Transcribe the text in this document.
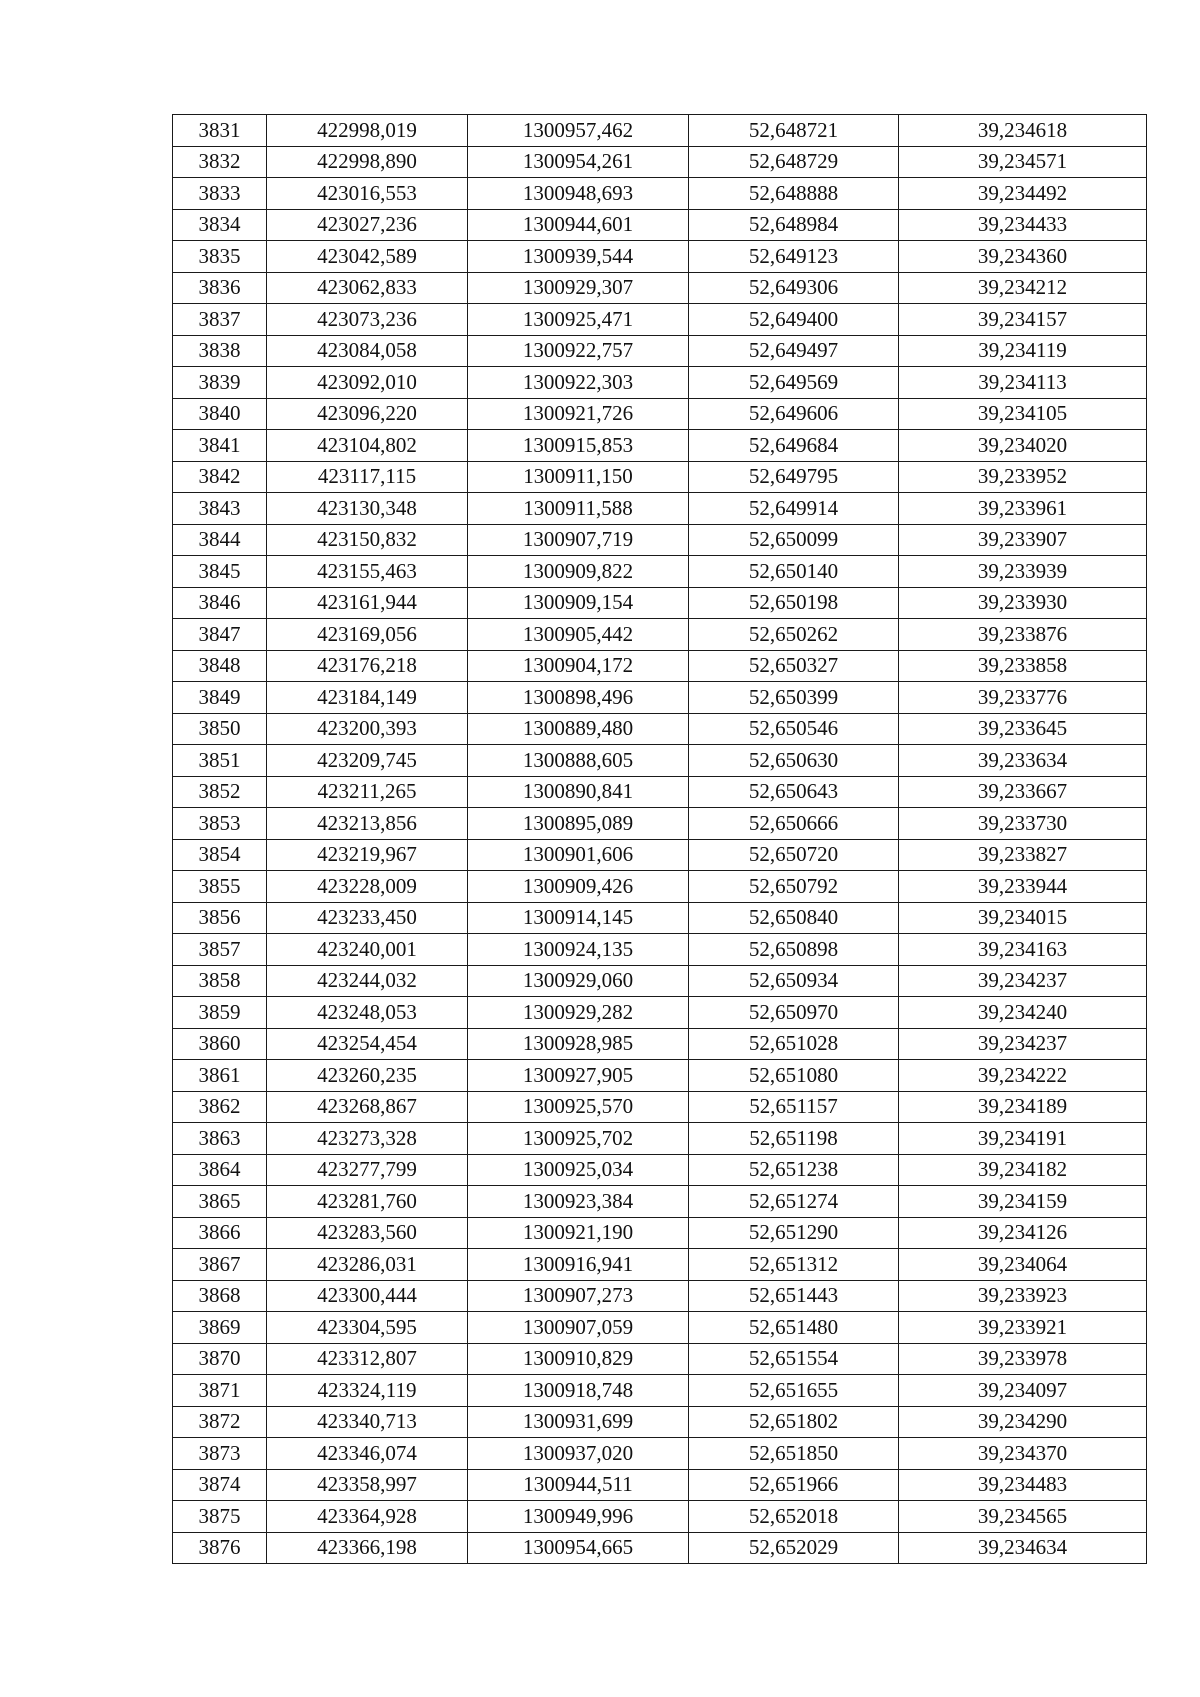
3831	422998,019	1300957,462	52,648721	39,234618
3832	422998,890	1300954,261	52,648729	39,234571
3833	423016,553	1300948,693	52,648888	39,234492
3834	423027,236	1300944,601	52,648984	39,234433
3835	423042,589	1300939,544	52,649123	39,234360
3836	423062,833	1300929,307	52,649306	39,234212
3837	423073,236	1300925,471	52,649400	39,234157
3838	423084,058	1300922,757	52,649497	39,234119
3839	423092,010	1300922,303	52,649569	39,234113
3840	423096,220	1300921,726	52,649606	39,234105
3841	423104,802	1300915,853	52,649684	39,234020
3842	423117,115	1300911,150	52,649795	39,233952
3843	423130,348	1300911,588	52,649914	39,233961
3844	423150,832	1300907,719	52,650099	39,233907
3845	423155,463	1300909,822	52,650140	39,233939
3846	423161,944	1300909,154	52,650198	39,233930
3847	423169,056	1300905,442	52,650262	39,233876
3848	423176,218	1300904,172	52,650327	39,233858
3849	423184,149	1300898,496	52,650399	39,233776
3850	423200,393	1300889,480	52,650546	39,233645
3851	423209,745	1300888,605	52,650630	39,233634
3852	423211,265	1300890,841	52,650643	39,233667
3853	423213,856	1300895,089	52,650666	39,233730
3854	423219,967	1300901,606	52,650720	39,233827
3855	423228,009	1300909,426	52,650792	39,233944
3856	423233,450	1300914,145	52,650840	39,234015
3857	423240,001	1300924,135	52,650898	39,234163
3858	423244,032	1300929,060	52,650934	39,234237
3859	423248,053	1300929,282	52,650970	39,234240
3860	423254,454	1300928,985	52,651028	39,234237
3861	423260,235	1300927,905	52,651080	39,234222
3862	423268,867	1300925,570	52,651157	39,234189
3863	423273,328	1300925,702	52,651198	39,234191
3864	423277,799	1300925,034	52,651238	39,234182
3865	423281,760	1300923,384	52,651274	39,234159
3866	423283,560	1300921,190	52,651290	39,234126
3867	423286,031	1300916,941	52,651312	39,234064
3868	423300,444	1300907,273	52,651443	39,233923
3869	423304,595	1300907,059	52,651480	39,233921
3870	423312,807	1300910,829	52,651554	39,233978
3871	423324,119	1300918,748	52,651655	39,234097
3872	423340,713	1300931,699	52,651802	39,234290
3873	423346,074	1300937,020	52,651850	39,234370
3874	423358,997	1300944,511	52,651966	39,234483
3875	423364,928	1300949,996	52,652018	39,234565
3876	423366,198	1300954,665	52,652029	39,234634
